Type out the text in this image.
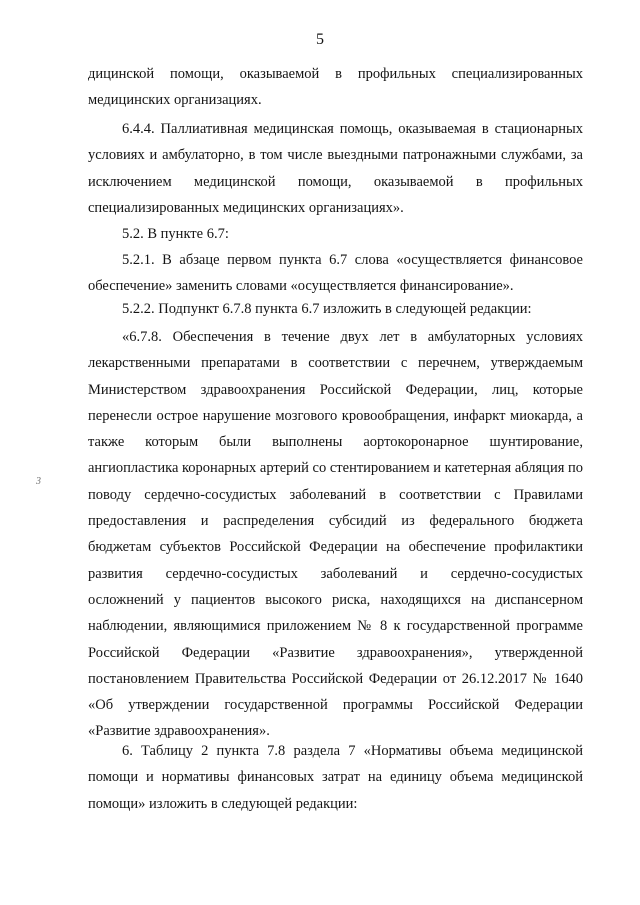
5
3

дицинской помощи, оказываемой в профильных специализированных медицинских организациях.

6.4.4. Паллиативная медицинская помощь, оказываемая в стационарных условиях и амбулаторно, в том числе выездными патронажными службами, за исключением медицинской помощи, оказываемой в профильных специализированных медицинских организациях».

5.2. В пункте 6.7:

5.2.1. В абзаце первом пункта 6.7 слова «осуществляется финансовое обеспечение» заменить словами «осуществляется финансирование».

5.2.2. Подпункт 6.7.8 пункта 6.7 изложить в следующей редакции:

«6.7.8. Обеспечения в течение двух лет в амбулаторных условиях лекарственными препаратами в соответствии с перечнем, утверждаемым Министерством здравоохранения Российской Федерации, лиц, которые перенесли острое нарушение мозгового кровообращения, инфаркт миокарда, а также которым были выполнены аортокоронарное шунтирование, ангиопластика коронарных артерий со стентированием и катетерная абляция по поводу сердечно-сосудистых заболеваний в соответствии с Правилами предоставления и распределения субсидий из федерального бюджета бюджетам субъектов Российской Федерации на обеспечение профилактики развития сердечно-сосудистых заболеваний и сердечно-сосудистых осложнений у пациентов высокого риска, находящихся на диспансерном наблюдении, являющимися приложением № 8 к государственной программе Российской Федерации «Развитие здравоохранения», утвержденной постановлением Правительства Российской Федерации от 26.12.2017 № 1640 «Об утверждении государственной программы Российской Федерации «Развитие здравоохранения».

6. Таблицу 2 пункта 7.8 раздела 7 «Нормативы объема медицинской помощи и нормативы финансовых затрат на единицу объема медицинской помощи» изложить в следующей редакции:
